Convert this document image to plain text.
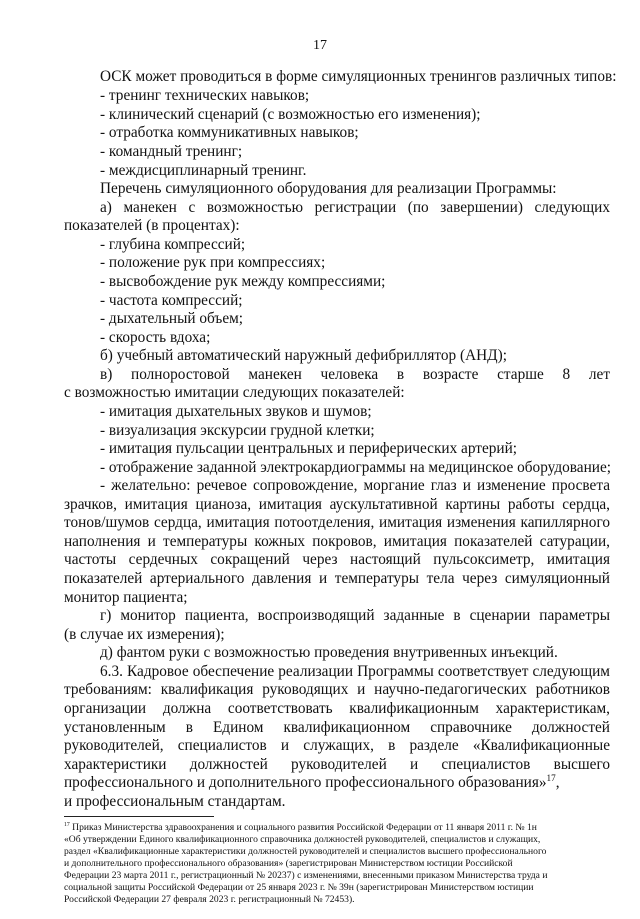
17
ОСК может проводиться в форме симуляционных тренингов различных типов:
- тренинг технических навыков;
- клинический сценарий (с возможностью его изменения);
- отработка коммуникативных навыков;
- командный тренинг;
- междисциплинарный тренинг.
Перечень симуляционного оборудования для реализации Программы:
а) манекен с возможностью регистрации (по завершении) следующих
показателей (в процентах):
- глубина компрессий;
- положение рук при компрессиях;
- высвобождение рук между компрессиями;
- частота компрессий;
- дыхательный объем;
- скорость вдоха;
б) учебный автоматический наружный дефибриллятор (АНД);
в) полноростовой манекен человека в возрасте старше 8 лет
с возможностью имитации следующих показателей:
- имитация дыхательных звуков и шумов;
- визуализация экскурсии грудной клетки;
- имитация пульсации центральных и периферических артерий;
- отображение заданной электрокардиограммы на медицинское оборудование;
- желательно: речевое сопровождение, моргание глаз и изменение просвета
зрачков, имитация цианоза, имитация аускультативной картины работы сердца,
тонов/шумов сердца, имитация потоотделения, имитация изменения капиллярного
наполнения и температуры кожных покровов, имитация показателей сатурации,
частоты сердечных сокращений через настоящий пульсоксиметр, имитация
показателей артериального давления и температуры тела через симуляционный
монитор пациента;
г) монитор пациента, воспроизводящий заданные в сценарии параметры
(в случае их измерения);
д) фантом руки с возможностью проведения внутривенных инъекций.
6.3. Кадровое обеспечение реализации Программы соответствует следующим
требованиям: квалификация руководящих и научно-педагогических работников
организации должна соответствовать квалификационным характеристикам,
установленным в Едином квалификационном справочнике должностей
руководителей, специалистов и служащих, в разделе «Квалификационные
характеристики должностей руководителей и специалистов высшего
профессионального и дополнительного профессионального образования»$^{17}$,
и профессиональным стандартам.
$^{17}$ Приказ Министерства здравоохранения и социального развития Российской Федерации от 11 января 2011 г. № 1н
«Об утверждении Единого квалификационного справочника должностей руководителей, специалистов и служащих,
раздел «Квалификационные характеристики должностей руководителей и специалистов высшего профессионального
и дополнительного профессионального образования» (зарегистрирован Министерством юстиции Российской
Федерации 23 марта 2011 г., регистрационный № 20237) с изменениями, внесенными приказом Министерства труда и
социальной защиты Российской Федерации от 25 января 2023 г. № 39н (зарегистрирован Министерством юстиции
Российской Федерации 27 февраля 2023 г. регистрационный № 72453).
